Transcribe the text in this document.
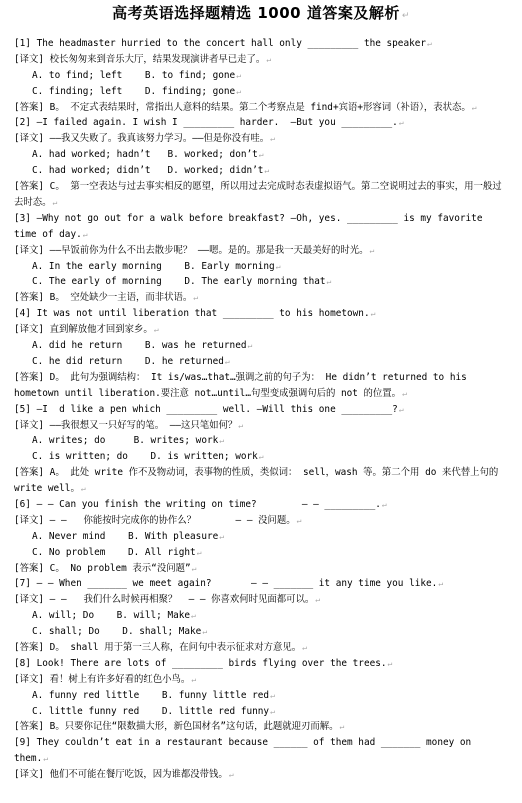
高考英语选择题精选 1000 道答案及解析 ↵
[1] The headmaster hurried to the concert hall only _________ the speaker↵
[译文] 校长匆匆来到音乐大厅，结果发现演讲者早已走了。↵
A. to find; left    B. to find; gone↵
C. finding; left    D. finding; gone↵
[答案] B。 不定式表结果时，常指出人意料的结果。第二个考察点是 find+宾语+形容词（补语），表状态。↵
[2] —I failed again. I wish I _________ harder.  —But you _________.↵
[译文] ——我又失败了。我真该努力学习。——但是你没有哇。↵
A. had worked; hadn’t   B. worked; don’t↵
C. had worked; didn’t   D. worked; didn’t↵
[答案] C。 第一空表达与过去事实相反的愿望，所以用过去完成时态表虚拟语气。第二空说明过去的事实，用一般过去时态。↵
[3] —Why not go out for a walk before breakfast? —Oh, yes. _________ is my favorite time of day.↵
[译文] ——早饭前你为什么不出去散步呢？ ——嗯。是的。那是我一天最美好的时光。↵
A. In the early morning    B. Early morning↵
C. The early of morning    D. The early morning that↵
[答案] B。 空处缺少一主语，而非状语。↵
[4] It was not until liberation that _________ to his hometown.↵
[译文] 直到解放他才回到家乡。↵
A. did he return    B. was he returned↵
C. he did return    D. he returned↵
[答案] D。 此句为强调结构： It is/was…that…强调之前的句子为： He didn’t returned to his hometown until liberation.要注意 not…until…句型变成强调句后的 not 的位置。↵
[5] —I  d like a pen which _________ well. —Will this one _________?↵
[译文] ——我很想又一只好写的笔。 ——这只笔如何？↵
A. writes; do     B. writes; work↵
C. is written; do    D. is written; work↵
[答案] A。 此处 write 作不及物动词，表事物的性质，类似词： sell，wash 等。第二个用 do 来代替上句的 write well。↵
[6] — — Can you finish the writing on time?        — — _________.↵
[译文] — —   你能按时完成你的协作么？       — — 没问题。↵
A. Never mind    B. With pleasure↵
C. No problem    D. All right↵
[答案] C。 No problem 表示“没问题”↵
[7] — — When _______ we meet again?       — — _______ it any time you like.↵
[译文] — —   我们什么时候再相聚？  — — 你喜欢何时见面都可以。↵
A. will; Do    B. will; Make↵
C. shall; Do    D. shall; Make↵
[答案] D。 shall 用于第一三人称，在问句中表示征求对方意见。↵
[8] Look! There are lots of _________ birds flying over the trees.↵
[译文] 看！树上有许多好看的红色小鸟。↵
A. funny red little    B. funny little red↵
C. little funny red    D. little red funny↵
[答案] B。只要你记住“限数描大形，新色国材名”这句话，此题就迎刃而解。↵
[9] They couldn’t eat in a restaurant because ______ of them had _______ money on them.↵
[译文] 他们不可能在餐厅吃饭，因为谁都没带钱。↵
